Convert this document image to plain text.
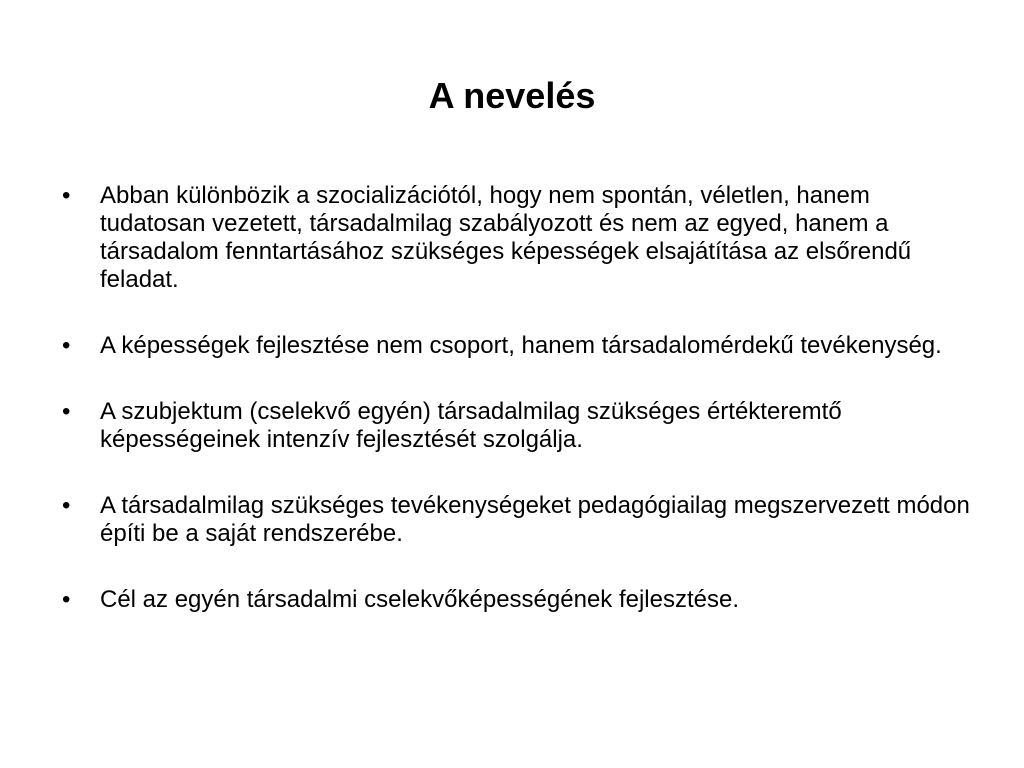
A nevelés
•	Abban különbözik a szocializációtól, hogy nem spontán, véletlen, hanem tudatosan vezetett, társadalmilag szabályozott és nem az egyed, hanem a társadalom fenntartásához szükséges képességek elsajátítása az elsőrendű feladat.
•	A képességek fejlesztése nem csoport, hanem társadalomérdekű tevékenység.
•	A szubjektum (cselekvő egyén) társadalmilag szükséges értékteremtő képességeinek intenzív fejlesztését szolgálja.
•	A társadalmilag szükséges tevékenységeket pedagógiailag megszervezett módon építi be a saját rendszerébe.
•	Cél az egyén társadalmi cselekvőképességének fejlesztése.
